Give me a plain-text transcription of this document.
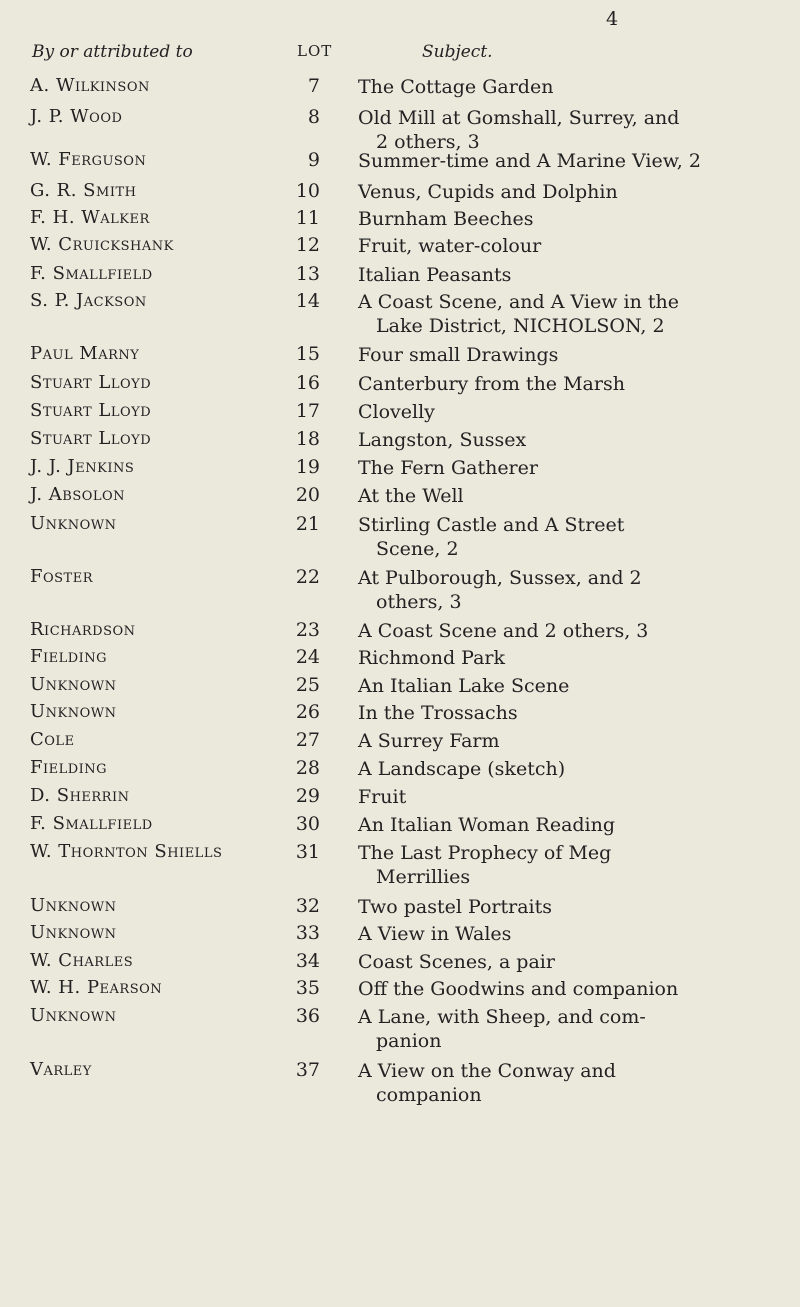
4
By or attributed to	LOT	Subject.
A. Wilkinson	7 The Cottage Garden
J. P. Wood	8 Old Mill at Gomshall, Surrey, and
2 others, 3
W. Ferguson	9 Summer-time and A Marine View, 2
G. R. Smith	10 Venus, Cupids and Dolphin
F. H. Walker	11 Burnham Beeches
W. Cruickshank	12 Fruit, water-colour
F. Smallfield	13 Italian Peasants
S. P. Jackson	14 A Coast Scene, and A View in the
Lake District, NICHOLSON, 2
Paul Marny	15 Four small Drawings
Stuart Lloyd	16 Canterbury from the Marsh
Stuart Lloyd	17 Clovelly
Stuart Lloyd	18 Langston, Sussex
J. J. Jenkins	19 The Fern Gatherer
J. Absolon	20 At the Well
Unknown	21 Stirling Castle and A Street
Scene, 2
Foster	22 At Pulborough, Sussex, and 2
others, 3
Richardson	23 A Coast Scene and 2 others, 3
Fielding	24 Richmond Park
Unknown	25 An Italian Lake Scene
Unknown	26 In the Trossachs
Cole	27 A Surrey Farm
Fielding	28 A Landscape (sketch)
D. Sherrin	29 Fruit
F. Smallfield	30 An Italian Woman Reading
W. Thornton Shiells	31 The Last Prophecy of Meg
Merrillies
Unknown	32 Two pastel Portraits
Unknown	33 A View in Wales
W. Charles	34 Coast Scenes, a pair
W. H. Pearson	35 Off the Goodwins and companion
Unknown	36 A Lane, with Sheep, and com-
panion
Varley	37 A View on the Conway and
companion
